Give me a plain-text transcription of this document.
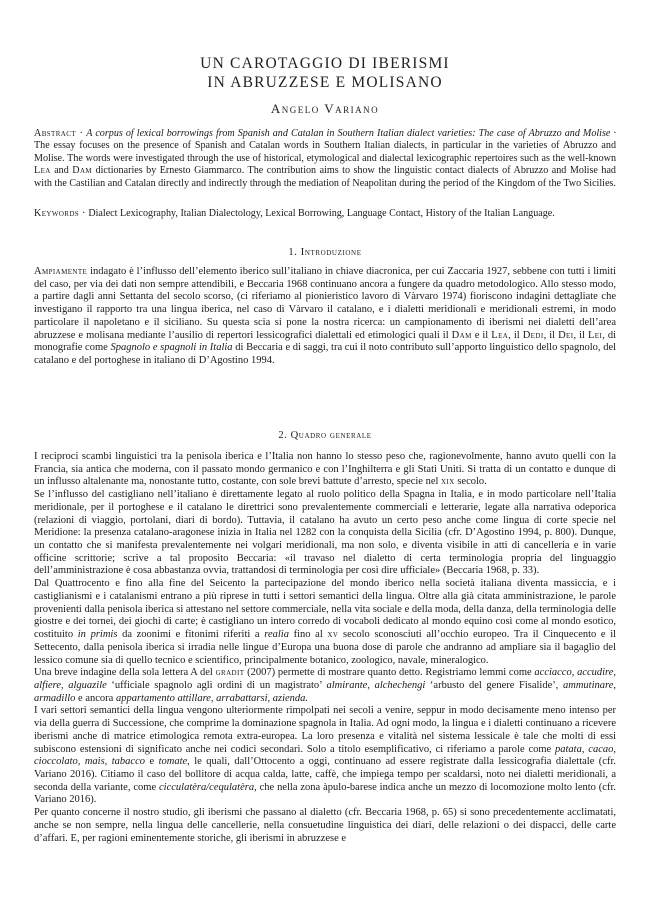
UN CAROTAGGIO DI IBERISMI
IN ABRUZZESE E MOLISANO
Angelo Variano
Abstract · A corpus of lexical borrowings from Spanish and Catalan in Southern Italian dialect varieties: The case of Abruzzo and Molise · The essay focuses on the presence of Spanish and Catalan words in Southern Italian dialects, in particular in the varieties of Abruzzo and Molise. The words were investigated through the use of historical, etymological and dialectal lexicographic repertoires such as the well-known Lea and Dam dictionaries by Ernesto Giammarco. The contribution aims to show the linguistic contact dialects of Abruzzo and Molise had with the Castilian and Catalan directly and indirectly through the mediation of Neapolitan during the period of the Kingdom of the Two Sicilies.
Keywords · Dialect Lexicography, Italian Dialectology, Lexical Borrowing, Language Contact, History of the Italian Language.
1. Introduzione
Ampiamente indagato è l’influsso dell’elemento iberico sull’italiano in chiave diacronica, per cui Zaccaria 1927, sebbene con tutti i limiti del caso, per via dei dati non sempre attendibili, e Beccaria 1968 continuano ancora a fungere da quadro metodologico. Allo stesso modo, a partire dagli anni Settanta del secolo scorso, (ci riferiamo al pionieristico lavoro di Vàrvaro 1974) fioriscono indagini dettagliate che investigano il rapporto tra una lingua iberica, nel caso di Vàrvaro il catalano, e i dialetti meridionali e meridionali estremi, in modo particolare il napoletano e il siciliano. Su questa scia si pone la nostra ricerca: un campionamento di iberismi nei dialetti dell’area abruzzese e molisana mediante l’ausilio di repertori lessicografici dialettali ed etimologici quali il Dam e il Lea, il Dedi, il Dei, il Lei, di monografie come Spagnolo e spagnoli in Italia di Beccaria e di saggi, tra cui il noto contributo sull’apporto linguistico dello spagnolo, del catalano e del portoghese in italiano di D’Agostino 1994.
2. Quadro generale

I reciproci scambi linguistici tra la penisola iberica e l’Italia non hanno lo stesso peso che, ragionevolmente, hanno avuto quelli con la Francia, sia antica che moderna, con il passato mondo germanico e con l’Inghilterra e gli Stati Uniti. Si tratta di un contatto e dunque di un influsso altalenante ma, nonostante tutto, costante, con sole brevi battute d’arresto, specie nel xix secolo.

Se l’influsso del castigliano nell’italiano è direttamente legato al ruolo politico della Spagna in Italia, e in modo particolare nell’Italia meridionale, per il portoghese e il catalano le direttrici sono prevalentemente commerciali e letterarie, legate alla narrativa odeporica (relazioni di viaggio, portolani, diari di bordo). Tuttavia, il catalano ha avuto un certo peso anche come lingua di corte specie nel Meridione: la presenza catalano-aragonese inizia in Italia nel 1282 con la conquista della Sicilia (cfr. D’Agostino 1994, p. 800). Dunque, un contatto che si manifesta prevalentemente nei volgari meridionali, ma non solo, e diventa visibile in atti di cancelleria e in varie officine scrittorie; scrive a tal proposito Beccaria: «il travaso nel dialetto di certa terminologia propria del linguaggio dell’amministrazione è cosa abbastanza ovvia, trattandosi di terminologia per così dire ufficiale» (Beccaria 1968, p. 33).

Dal Quattrocento e fino alla fine del Seicento la partecipazione del mondo iberico nella società italiana diventa massiccia, e i castiglianismi e i catalanismi entrano a più riprese in tutti i settori semantici della lingua. Oltre alla già citata amministrazione, le parole provenienti dalla penisola iberica si attestano nel settore commerciale, nella vita sociale e della moda, della danza, della terminologia delle giostre e dei tornei, dei giochi di carte; è castigliano un intero corredo di vocaboli dedicato al mondo equino così come al mondo esotico, costituito in primis da zoonimi e fitonimi riferiti a realia fino al xv secolo sconosciuti all’occhio europeo. Tra il Cinquecento e il Settecento, dalla penisola iberica si irradia nelle lingue d’Europa una buona dose di parole che andranno ad ampliare sia il bagaglio del lessico comune sia di quello tecnico e scientifico, principalmente botanico, zoologico, navale, mineralogico.

Una breve indagine della sola lettera A del gradit (2007) permette di mostrare quanto detto. Registriamo lemmi come acciacco, accudire, alfiere, alguazile ‘ufficiale spagnolo agli ordini di un magistrato’ almirante, alchechengi ‘arbusto del genere Fisalide’, ammutinare, armadillo e ancora appartamento attillare, arrabattarsi, azienda.

I vari settori semantici della lingua vengono ulteriormente rimpolpati nei secoli a venire, seppur in modo decisamente meno intenso per via della guerra di Successione, che comprime la dominazione spagnola in Italia. Ad ogni modo, la lingua e i dialetti continuano a ricevere iberismi anche di matrice etimologica remota extra-europea. La loro presenza e vitalità nel sistema lessicale è tale che molti di essi subiscono estensioni di significato anche nei codici secondari. Solo a titolo esemplificativo, ci riferiamo a parole come patata, cacao, cioccolato, mais, tabacco e tomate, le quali, dall’Ottocento a oggi, continuano ad essere registrate dalla lessicografia dialettale (cfr. Variano 2016). Citiamo il caso del bollitore di acqua calda, latte, caffè, che impiega tempo per scaldarsi, noto nei dialetti meridionali, a seconda della variante, come cicculatèra/cequlatèra, che nella zona àpulo-barese indica anche un mezzo di locomozione molto lento (cfr. Variano 2016).

Per quanto concerne il nostro studio, gli iberismi che passano al dialetto (cfr. Beccaria 1968, p. 65) si sono precedentemente acclimatati, anche se non sempre, nella lingua delle cancellerie, nella consuetudine linguistica dei diari, delle relazioni o dei dispacci, delle carte d’affari. E, per ragioni eminentemente storiche, gli iberismi in abruzzese e
